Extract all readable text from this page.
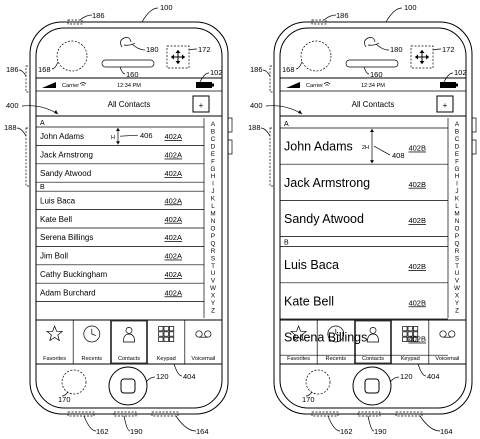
Carrier	12:34 PM
All Contacts	+
A
John Adams	402A
Jack Arnstrong	402A
Sandy Atwood	402A
B
Luis Baca	402A
Kate Bell	402A
Serena Billings	402A
Jim Boll	402A
Cathy Buckingham	402A
Adam Burchard	402A
A
B
C
D
E
F
G
H
I
J
K
L
M
N
O
P
Q
R
S
T
U
V
W
X
Y
Z
H	406
Favorites	Recents	Contacts	Keypad	Voicemail
186
100
180
160
172
168	102
186
400
188
170
120 404
162	190	164
Carrier	12:34 PM
All Contacts	+
A
John Adams	402B
Jack Armstrong	402B
Sandy Atwood	402B
B
Luis Baca	402B
Kate Bell	402B
Serena Billings	402B
A
B
C
D
E
F
G
H
I
J
K
L
M
N
O
P
Q
R
S
T
U
V
W
X
Y
Z
2H
408
Favorites	Recents	Contacts	Keypad	Voicemail
186
100
180
160
172
168	102
186
400
188
170
120 404
162	190	164
